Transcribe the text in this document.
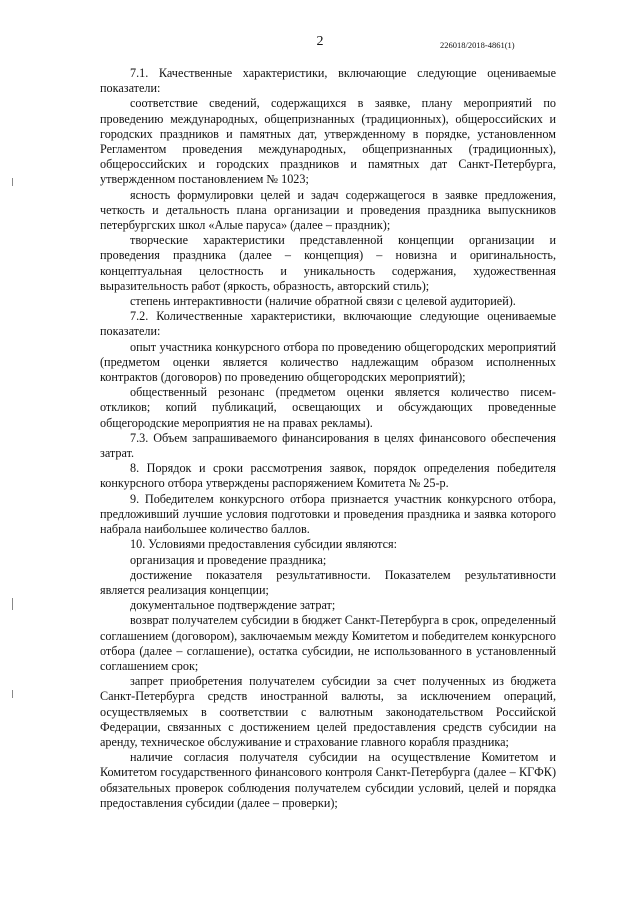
2	226018/2018-4861(1)

7.1. Качественные характеристики, включающие следующие оцениваемые показатели:

соответствие сведений, содержащихся в заявке, плану мероприятий по проведению международных, общепризнанных (традиционных), общероссийских и городских праздников и памятных дат, утвержденному в порядке, установленном Регламентом проведения международных, общепризнанных (традиционных), общероссийских и городских праздников и памятных дат Санкт-Петербурга, утвержденном постановлением № 1023;

ясность формулировки целей и задач содержащегося в заявке предложения, четкость и детальность плана организации и проведения праздника выпускников петербургских школ «Алые паруса» (далее – праздник);

творческие характеристики представленной концепции организации и проведения праздника (далее – концепция) – новизна и оригинальность, концептуальная целостность и уникальность содержания, художественная выразительность работ (яркость, образность, авторский стиль);

степень интерактивности (наличие обратной связи с целевой аудиторией).

7.2. Количественные характеристики, включающие следующие оцениваемые показатели:

опыт участника конкурсного отбора по проведению общегородских мероприятий (предметом оценки является количество надлежащим образом исполненных контрактов (договоров) по проведению общегородских мероприятий);

общественный резонанс (предметом оценки является количество писем-откликов; копий публикаций, освещающих и обсуждающих проведенные общегородские мероприятия не на правах рекламы).

7.3. Объем запрашиваемого финансирования в целях финансового обеспечения затрат.

8. Порядок и сроки рассмотрения заявок, порядок определения победителя конкурсного отбора утверждены распоряжением Комитета № 25-р.

9. Победителем конкурсного отбора признается участник конкурсного отбора, предложивший лучшие условия подготовки и проведения праздника и заявка которого набрала наибольшее количество баллов.

10. Условиями предоставления субсидии являются:

организация и проведение праздника;

достижение показателя результативности. Показателем результативности является реализация концепции;

документальное подтверждение затрат;

возврат получателем субсидии в бюджет Санкт-Петербурга в срок, определенный соглашением (договором), заключаемым между Комитетом и победителем конкурсного отбора (далее – соглашение), остатка субсидии, не использованного в установленный соглашением срок;

запрет приобретения получателем субсидии за счет полученных из бюджета Санкт-Петербурга средств иностранной валюты, за исключением операций, осуществляемых в соответствии с валютным законодательством Российской Федерации, связанных с достижением целей предоставления средств субсидии на аренду, техническое обслуживание и страхование главного корабля праздника;

наличие согласия получателя субсидии на осуществление Комитетом и Комитетом государственного финансового контроля Санкт-Петербурга (далее – КГФК) обязательных проверок соблюдения получателем субсидии условий, целей и порядка предоставления субсидии (далее – проверки);
